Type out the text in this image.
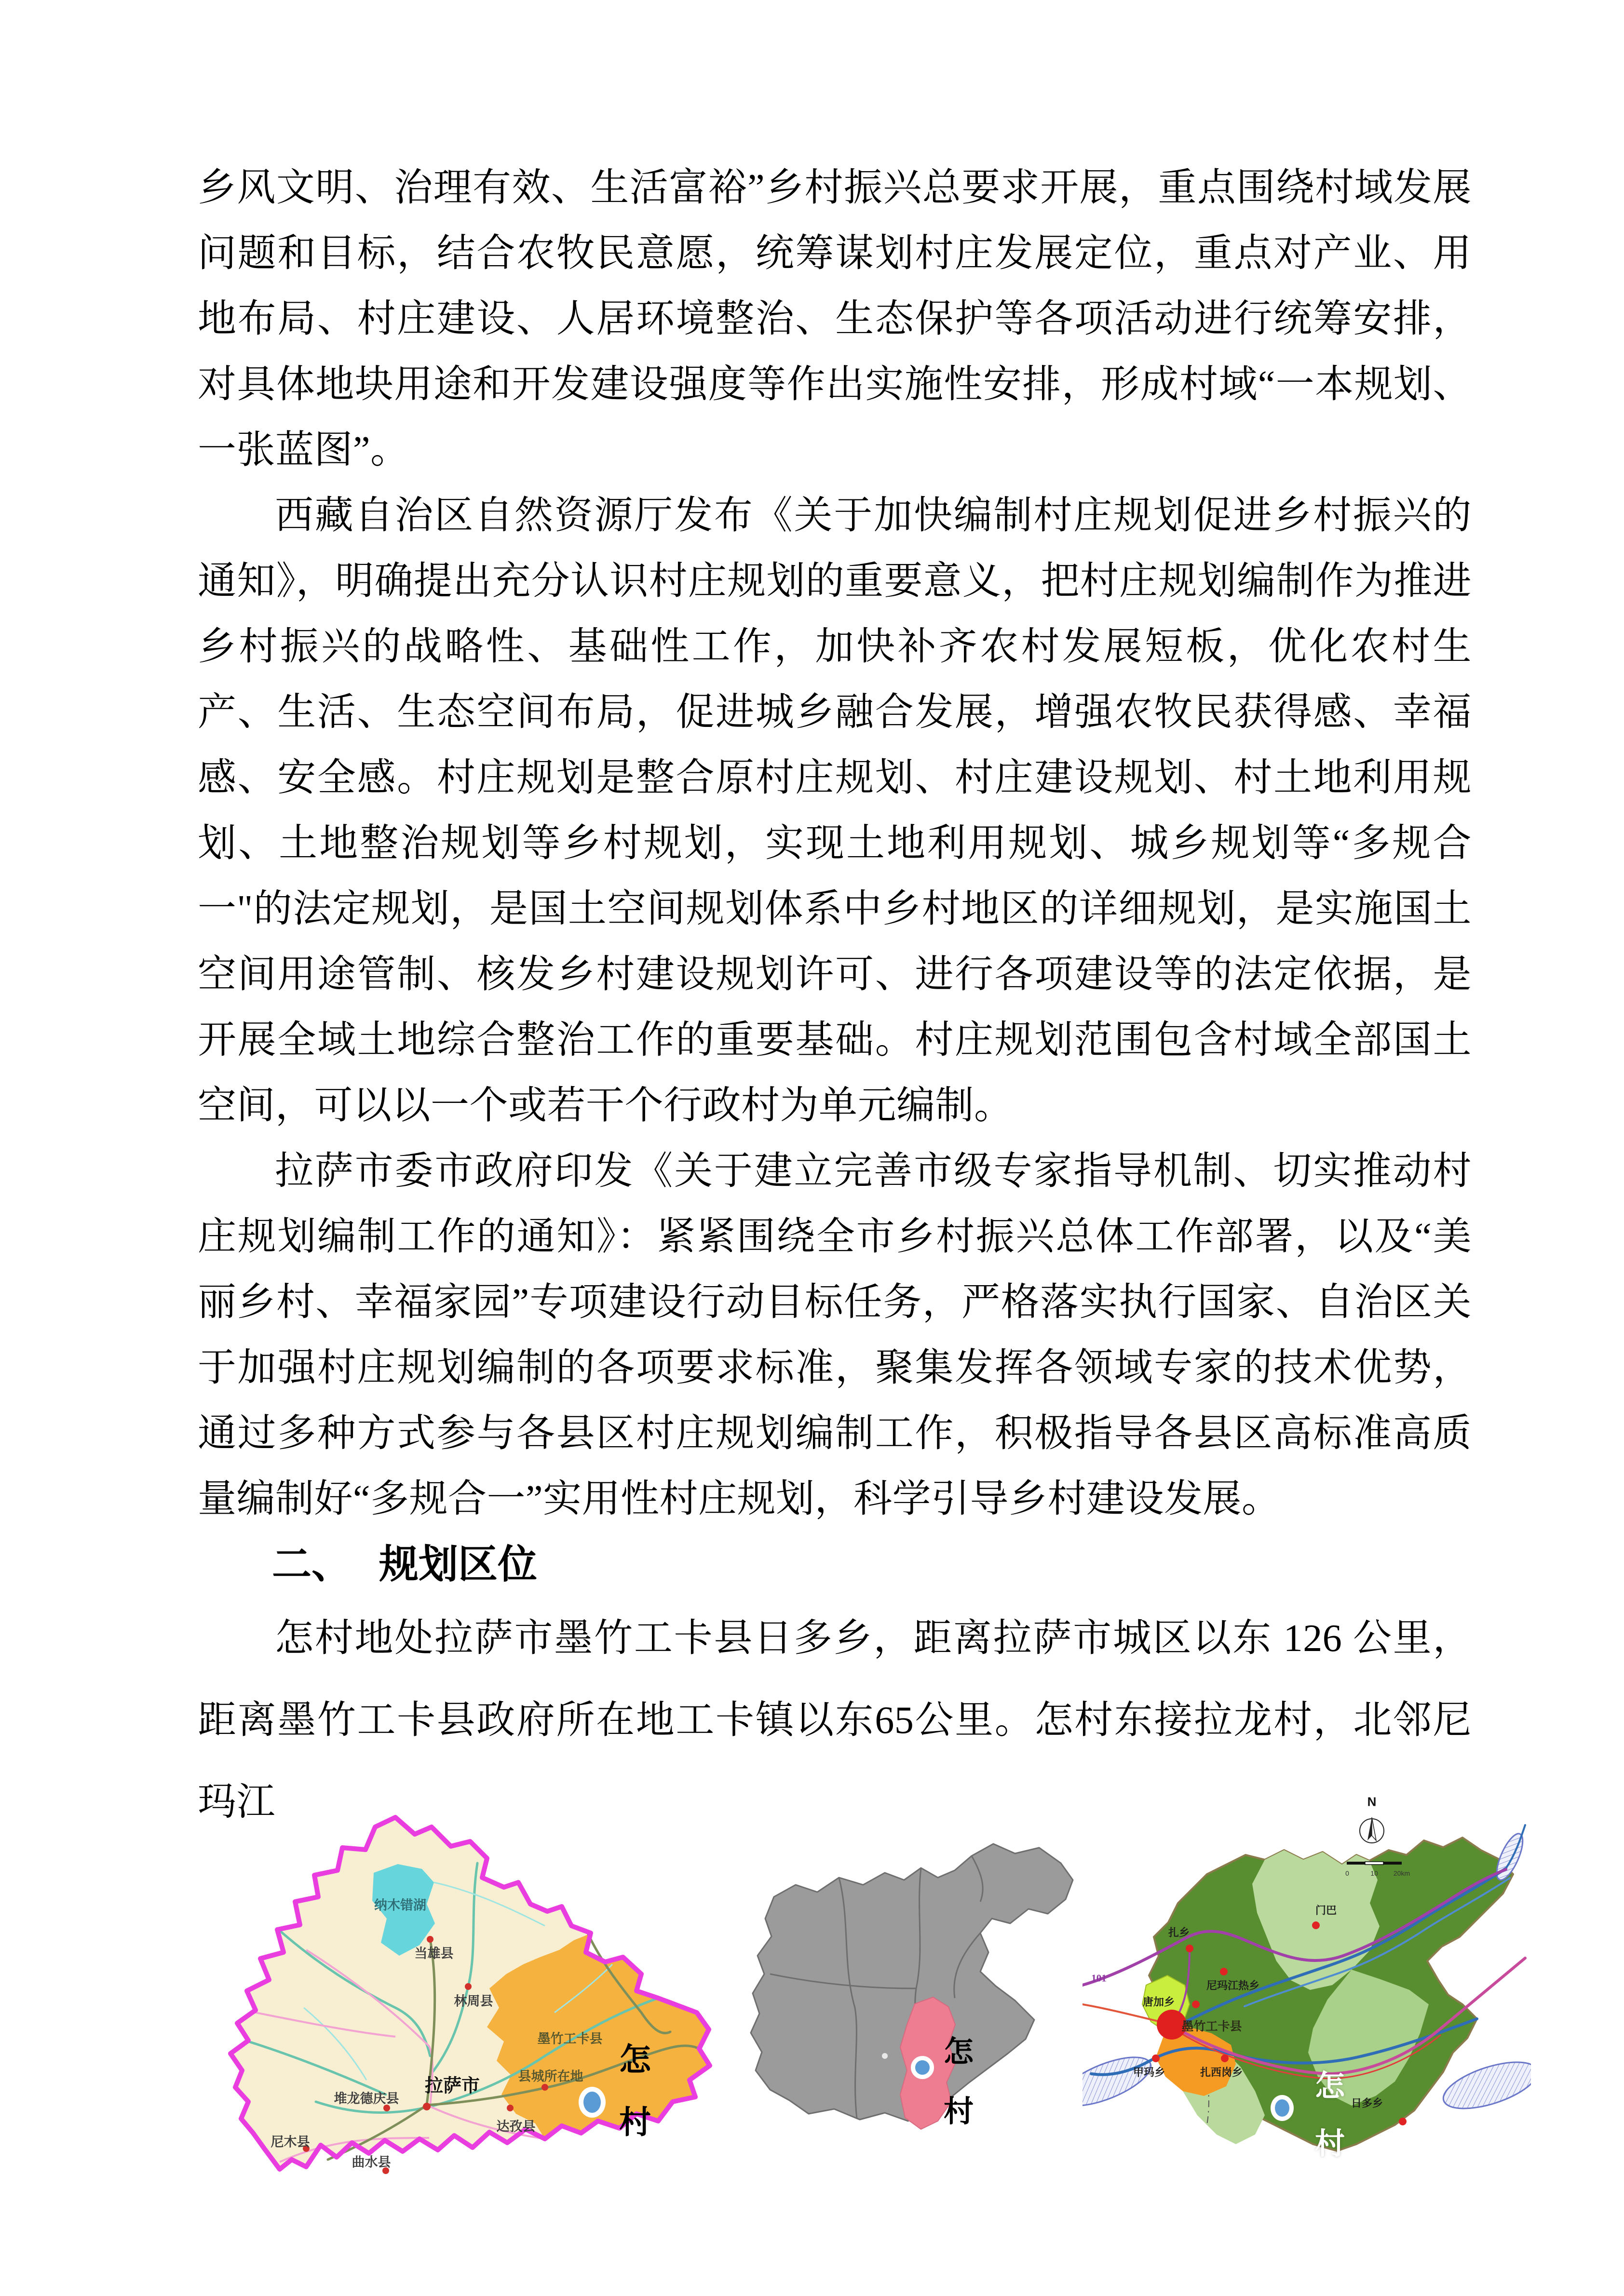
乡风文明、治理有效、生活富裕”乡村振兴总要求开展，重点围绕村域发展问题和目标，结合农牧民意愿，统筹谋划村庄发展定位，重点对产业、用地布局、村庄建设、人居环境整治、生态保护等各项活动进行统筹安排，对具体地块用途和开发建设强度等作出实施性安排，形成村域“一本规划、一张蓝图”。

西藏自治区自然资源厅发布《关于加快编制村庄规划促进乡村振兴的通知》，明确提出充分认识村庄规划的重要意义，把村庄规划编制作为推进乡村振兴的战略性、基础性工作，加快补齐农村发展短板，优化农村生产、生活、生态空间布局，促进城乡融合发展，增强农牧民获得感、幸福感、安全感。村庄规划是整合原村庄规划、村庄建设规划、村土地利用规划、土地整治规划等乡村规划，实现土地利用规划、城乡规划等“多规合一"的法定规划，是国土空间规划体系中乡村地区的详细规划，是实施国土空间用途管制、核发乡村建设规划许可、进行各项建设等的法定依据，是开展全域土地综合整治工作的重要基础。村庄规划范围包含村域全部国土空间，可以以一个或若干个行政村为单元编制。

拉萨市委市政府印发《关于建立完善市级专家指导机制、切实推动村庄规划编制工作的通知》：紧紧围绕全市乡村振兴总体工作部署，以及“美丽乡村、幸福家园”专项建设行动目标任务，严格落实执行国家、自治区关于加强村庄规划编制的各项要求标准，聚集发挥各领域专家的技术优势，通过多种方式参与各县区村庄规划编制工作，积极指导各县区高标准高质量编制好“多规合一”实用性村庄规划，科学引导乡村建设发展。

二、 规划区位

怎村地处拉萨市墨竹工卡县日多乡，距离拉萨市城区以东 126 公里，距离墨竹工卡县政府所在地工卡镇以东65公里。怎村东接拉龙村，北邻尼玛江

纳木错湖
当雄县
林周县
墨竹工卡县
县城所在地
拉萨市
堆龙德庆县
达孜县
尼木县
曲水县
怎村
怎村
扎乡
门巴
尼玛江热乡
唐加乡
墨竹工卡县
甲玛乡	扎西岗乡
日多乡
101
N
0	10 20km
怎村
